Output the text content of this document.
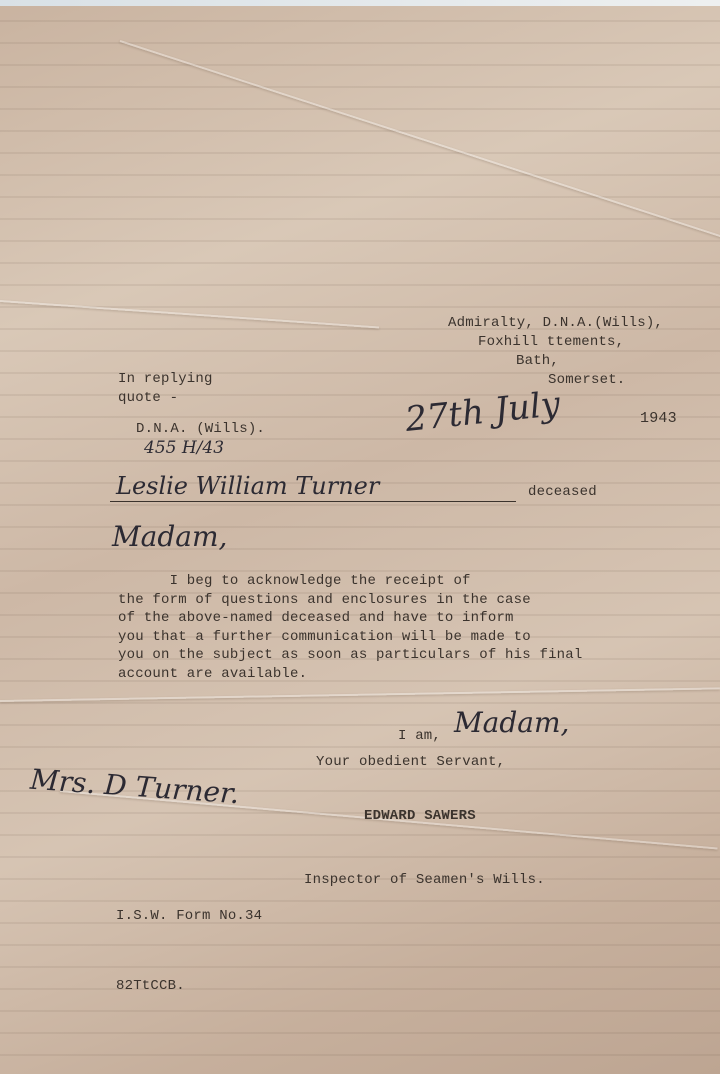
Admiralty, D.N.A.(Wills),

Foxhill ttements,

Bath,

Somerset.

In replying

quote -

D.N.A. (Wills).

455 H/43

27th July	1943

Leslie William Turner	deceased

Madam,

I beg to acknowledge the receipt of

the form of questions and enclosures in the case

of the above-named deceased and have to inform

you that a further communication will be made to

you on the subject as soon as particulars of his final

account are available.

I am, Madam,

Your obedient Servant,

Mrs. D Turner.

EDWARD SAWERS

Inspector of Seamen's Wills.

I.S.W. Form No.34

82TtCCB.
